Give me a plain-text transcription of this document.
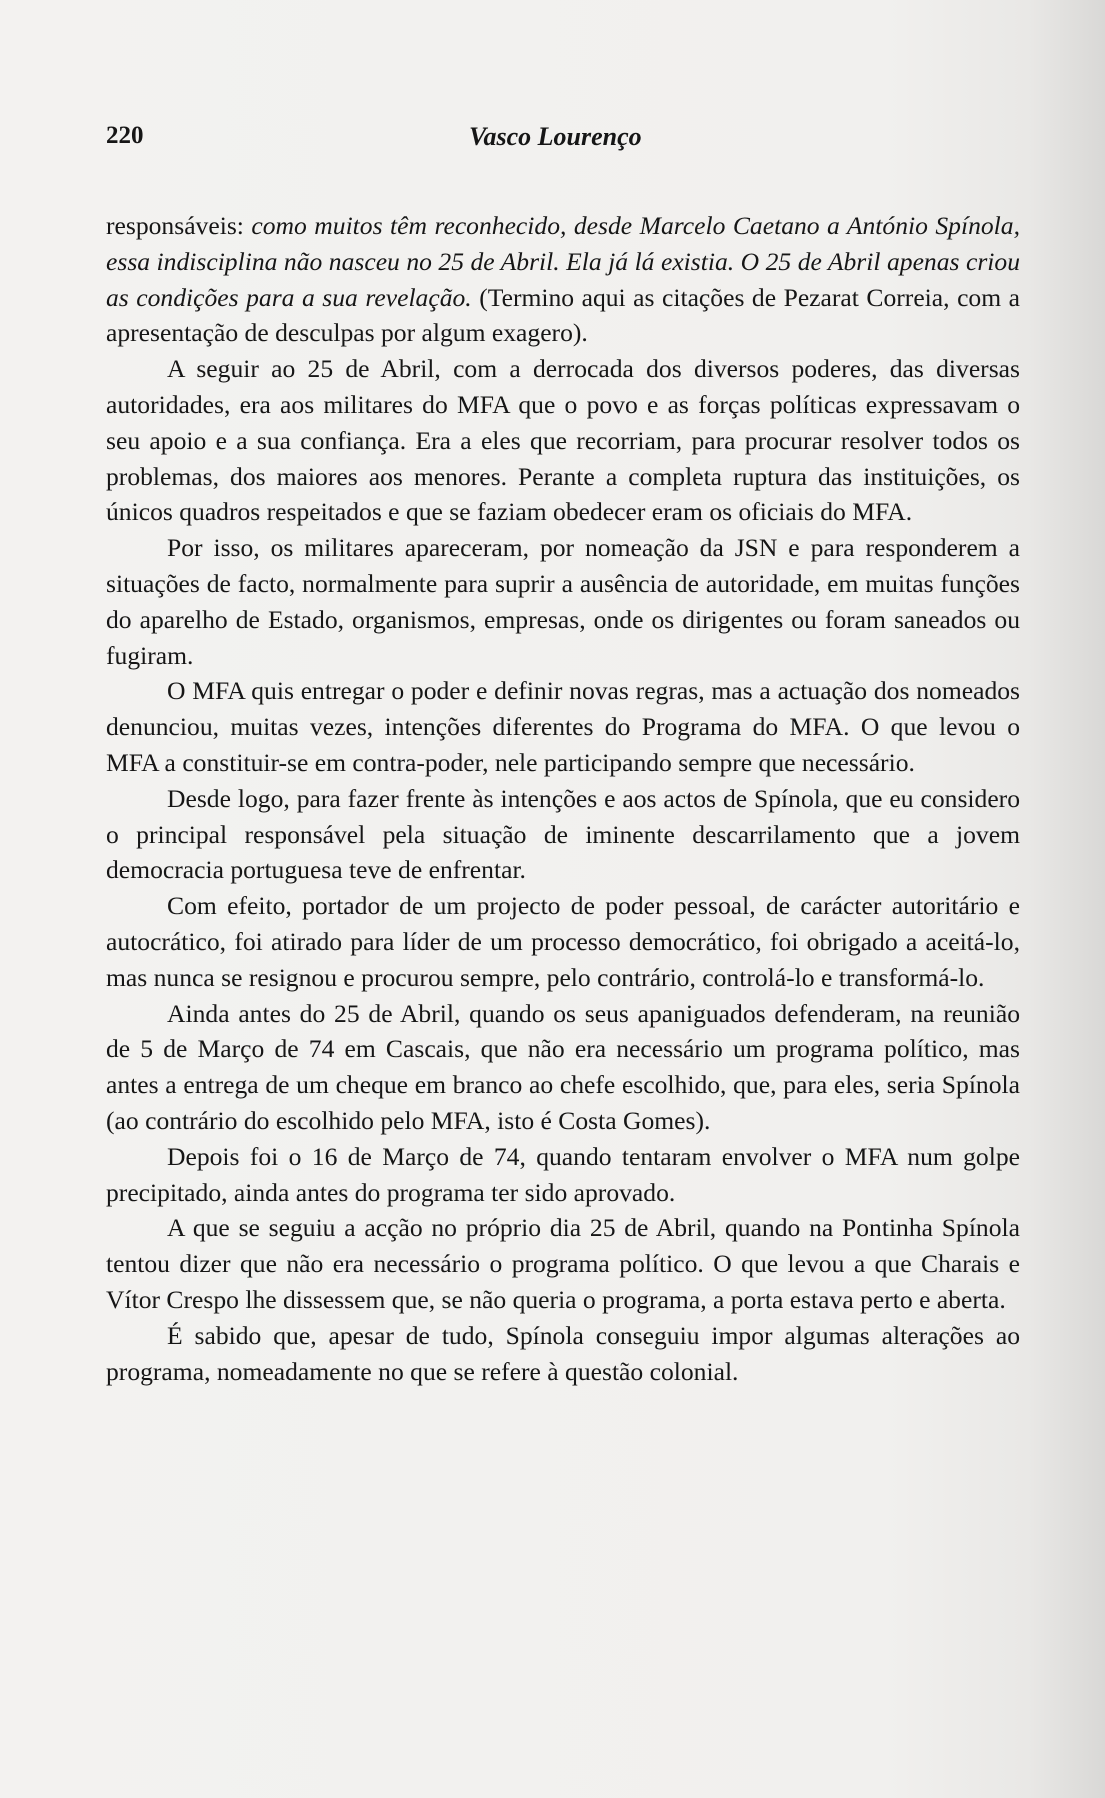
220	Vasco Lourenço

responsáveis: como muitos têm reconhecido, desde Marcelo Caetano a António Spínola, essa indisciplina não nasceu no 25 de Abril. Ela já lá existia. O 25 de Abril apenas criou as condições para a sua revelação. (Termino aqui as citações de Pezarat Correia, com a apresentação de desculpas por algum exagero).

A seguir ao 25 de Abril, com a derrocada dos diversos poderes, das diversas autoridades, era aos militares do MFA que o povo e as forças políticas expressavam o seu apoio e a sua confiança. Era a eles que recorriam, para procurar resolver todos os problemas, dos maiores aos menores. Perante a completa ruptura das instituições, os únicos quadros respeitados e que se faziam obedecer eram os oficiais do MFA.

Por isso, os militares apareceram, por nomeação da JSN e para responderem a situações de facto, normalmente para suprir a ausência de autoridade, em muitas funções do aparelho de Estado, organismos, empresas, onde os dirigentes ou foram saneados ou fugiram.

O MFA quis entregar o poder e definir novas regras, mas a actuação dos nomeados denunciou, muitas vezes, intenções diferentes do Programa do MFA. O que levou o MFA a constituir-se em contra-poder, nele participando sempre que necessário.

Desde logo, para fazer frente às intenções e aos actos de Spínola, que eu considero o principal responsável pela situação de iminente descarrilamento que a jovem democracia portuguesa teve de enfrentar.

Com efeito, portador de um projecto de poder pessoal, de carácter autoritário e autocrático, foi atirado para líder de um processo democrático, foi obrigado a aceitá-lo, mas nunca se resignou e procurou sempre, pelo contrário, controlá-lo e transformá-lo.

Ainda antes do 25 de Abril, quando os seus apaniguados defenderam, na reunião de 5 de Março de 74 em Cascais, que não era necessário um programa político, mas antes a entrega de um cheque em branco ao chefe escolhido, que, para eles, seria Spínola (ao contrário do escolhido pelo MFA, isto é Costa Gomes).

Depois foi o 16 de Março de 74, quando tentaram envolver o MFA num golpe precipitado, ainda antes do programa ter sido aprovado.

A que se seguiu a acção no próprio dia 25 de Abril, quando na Pontinha Spínola tentou dizer que não era necessário o programa político. O que levou a que Charais e Vítor Crespo lhe dissessem que, se não queria o programa, a porta estava perto e aberta.

É sabido que, apesar de tudo, Spínola conseguiu impor algumas alterações ao programa, nomeadamente no que se refere à questão colonial.
